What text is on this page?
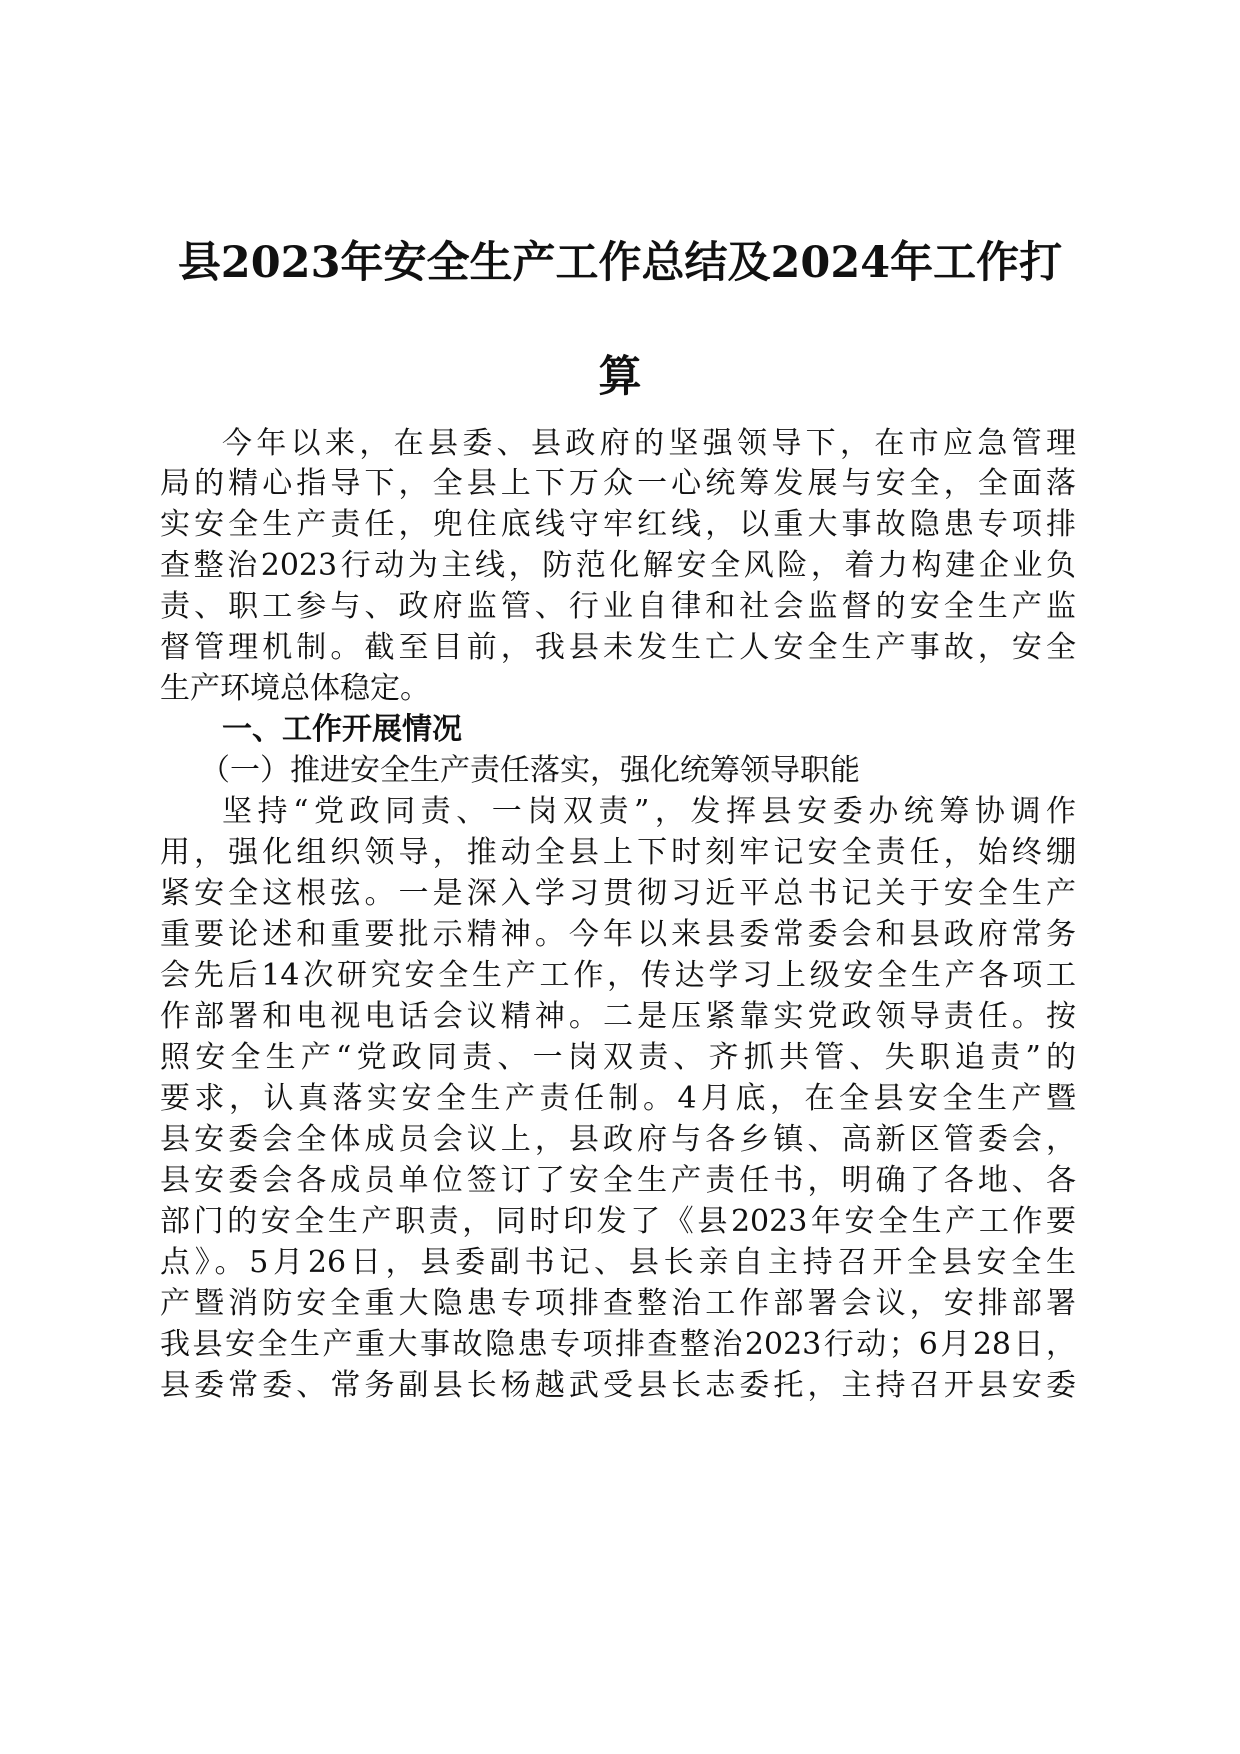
县2023年安全生产工作总结及2024年工作打
算

今年以来，在县委、县政府的坚强领导下，在市应急管理

局的精心指导下，全县上下万众一心统筹发展与安全，全面落

实安全生产责任，兜住底线守牢红线，以重大事故隐患专项排

查整治2023行动为主线，防范化解安全风险，着力构建企业负

责、职工参与、政府监管、行业自律和社会监督的安全生产监

督管理机制。截至目前，我县未发生亡人安全生产事故，安全

生产环境总体稳定。

一、工作开展情况

（一）推进安全生产责任落实，强化统筹领导职能

坚持“党政同责、一岗双责”，发挥县安委办统筹协调作

用，强化组织领导，推动全县上下时刻牢记安全责任，始终绷

紧安全这根弦。一是深入学习贯彻习近平总书记关于安全生产

重要论述和重要批示精神。今年以来县委常委会和县政府常务

会先后14次研究安全生产工作，传达学习上级安全生产各项工

作部署和电视电话会议精神。二是压紧靠实党政领导责任。按

照安全生产“党政同责、一岗双责、齐抓共管、失职追责”的

要求，认真落实安全生产责任制。4月底，在全县安全生产暨

县安委会全体成员会议上，县政府与各乡镇、高新区管委会，

县安委会各成员单位签订了安全生产责任书，明确了各地、各

部门的安全生产职责，同时印发了《县2023年安全生产工作要

点》。5月26日，县委副书记、县长亲自主持召开全县安全生

产暨消防安全重大隐患专项排查整治工作部署会议，安排部署

我县安全生产重大事故隐患专项排查整治2023行动；6月28日，

县委常委、常务副县长杨越武受县长志委托，主持召开县安委
